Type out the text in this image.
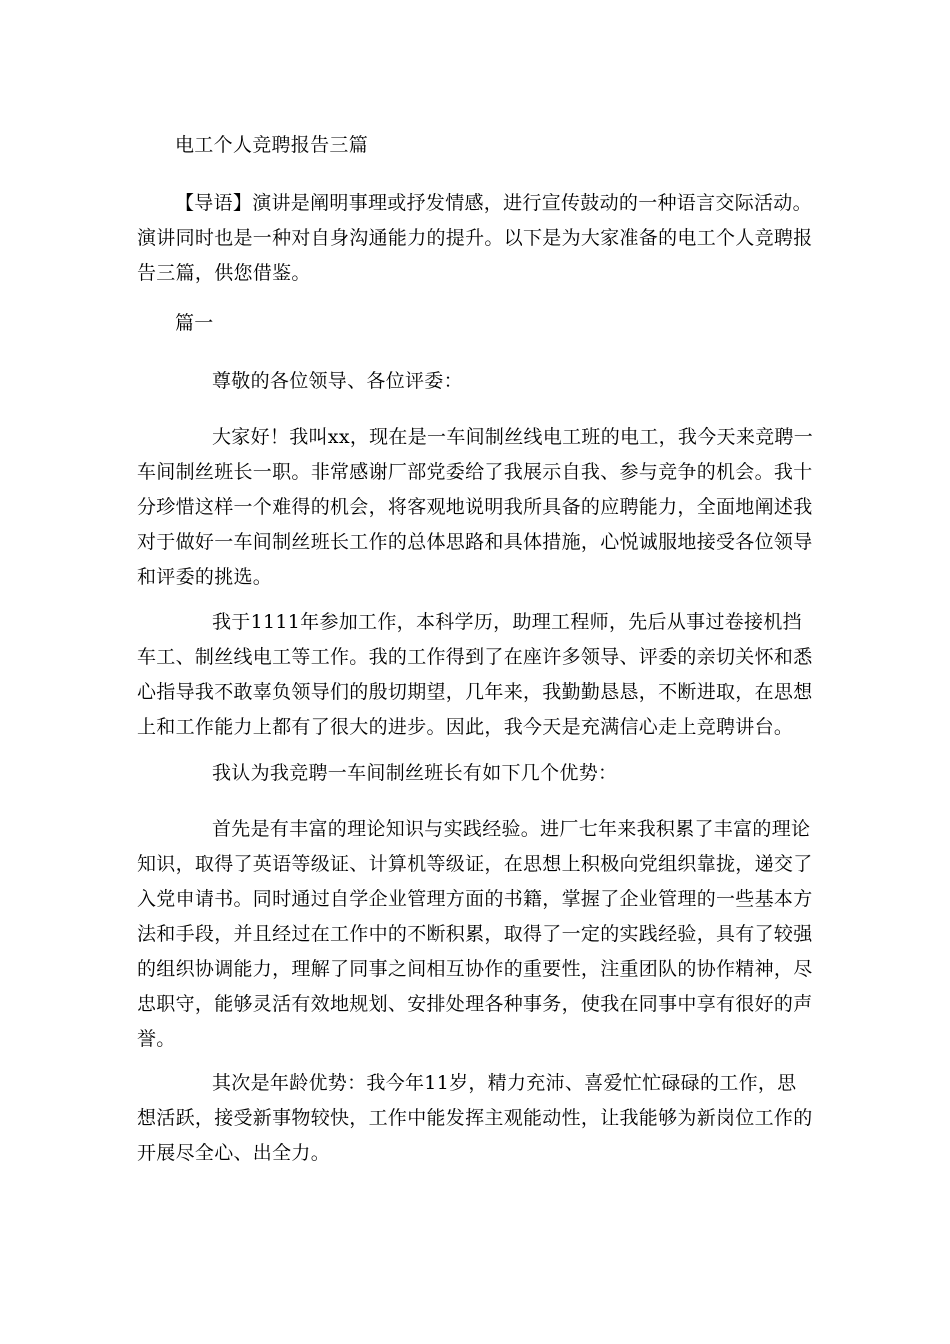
电工个人竞聘报告三篇

【导语】演讲是阐明事理或抒发情感，进行宣传鼓动的一种语言交际活动。演讲同时也是一种对自身沟通能力的提升。以下是为大家准备的电工个人竞聘报告三篇，供您借鉴。

篇一

尊敬的各位领导、各位评委：

大家好！我叫xx，现在是一车间制丝线电工班的电工，我今天来竞聘一车间制丝班长一职。非常感谢厂部党委给了我展示自我、参与竞争的机会。我十分珍惜这样一个难得的机会，将客观地说明我所具备的应聘能力，全面地阐述我对于做好一车间制丝班长工作的总体思路和具体措施，心悦诚服地接受各位领导和评委的挑选。

我于1111年参加工作，本科学历，助理工程师，先后从事过卷接机挡车工、制丝线电工等工作。我的工作得到了在座许多领导、评委的亲切关怀和悉心指导我不敢辜负领导们的殷切期望，几年来，我勤勤恳恳，不断进取，在思想上和工作能力上都有了很大的进步。因此，我今天是充满信心走上竞聘讲台。

我认为我竞聘一车间制丝班长有如下几个优势：

首先是有丰富的理论知识与实践经验。进厂七年来我积累了丰富的理论知识，取得了英语等级证、计算机等级证，在思想上积极向党组织靠拢，递交了入党申请书。同时通过自学企业管理方面的书籍，掌握了企业管理的一些基本方法和手段，并且经过在工作中的不断积累，取得了一定的实践经验，具有了较强的组织协调能力，理解了同事之间相互协作的重要性，注重团队的协作精神，尽忠职守，能够灵活有效地规划、安排处理各种事务，使我在同事中享有很好的声誉。

其次是年龄优势：我今年11岁，精力充沛、喜爱忙忙碌碌的工作，思想活跃，接受新事物较快，工作中能发挥主观能动性，让我能够为新岗位工作的开展尽全心、出全力。
